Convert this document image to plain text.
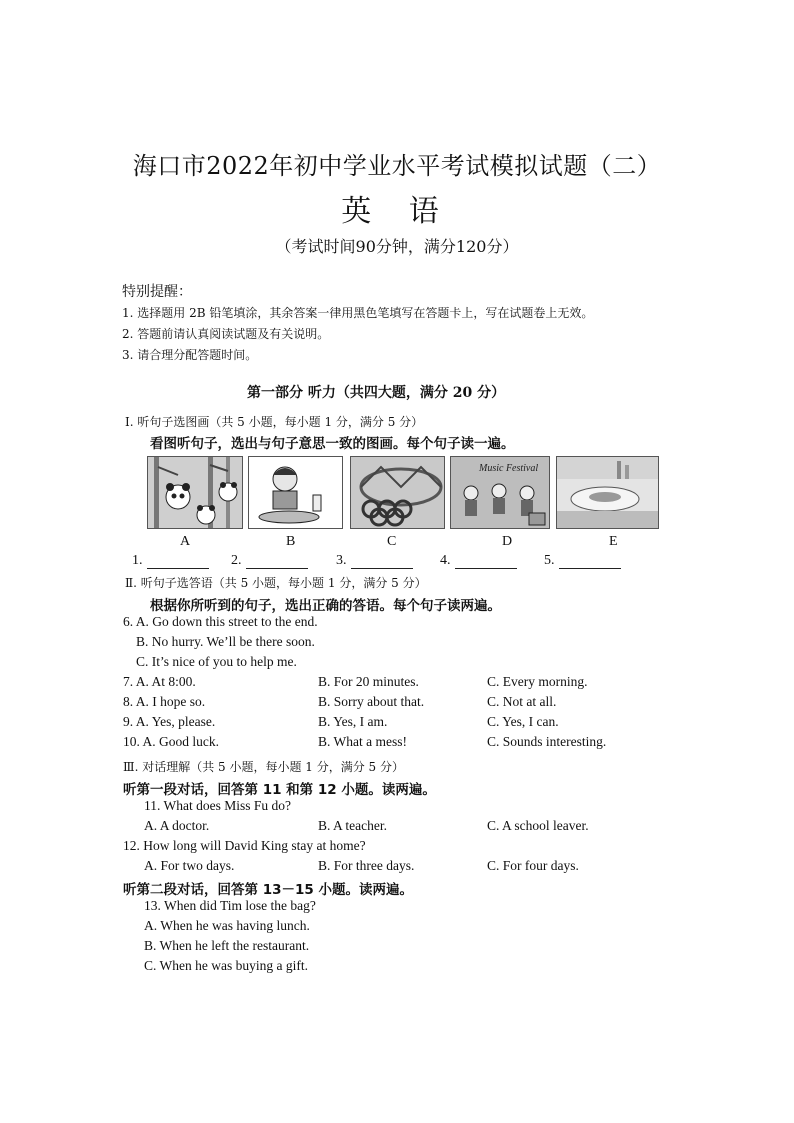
海口市2022年初中学业水平考试模拟试题（二）
英 语
（考试时间90分钟，满分120分）
特别提醒：
1. 选择题用 2B 铅笔填涂，其余答案一律用黑色笔填写在答题卡上，写在试题卷上无效。
2. 答题前请认真阅读试题及有关说明。
3. 请合理分配答题时间。
第一部分 听力（共四大题，满分 20 分）
Ⅰ. 听句子选图画（共 5 小题，每小题 1 分，满分 5 分）
看图听句子，选出与句子意思一致的图画。每个句子读一遍。
Music Festival
A	B	C	D	E
1.	2.	3.	4.	5.
Ⅱ. 听句子选答语（共 5 小题，每小题 1 分，满分 5 分）
根据你所听到的句子，选出正确的答语。每个句子读两遍。
6. A. Go down this street to the end.
B. No hurry. We’ll be there soon.
C. It’s nice of you to help me.
7. A. At 8:00.	B. For 20 minutes.	C. Every morning.
8. A. I hope so.	B. Sorry about that.	C. Not at all.
9. A. Yes, please.	B. Yes, I am.	C. Yes, I can.
10. A. Good luck.	B. What a mess!	C. Sounds interesting.
Ⅲ. 对话理解（共 5 小题，每小题 1 分，满分 5 分）
听第一段对话，回答第 11 和第 12 小题。读两遍。
11. What does Miss Fu do?
A. A doctor.	B. A teacher.	C. A school leaver.
12. How long will David King stay at home?
A. For two days.	B. For three days.	C. For four days.
听第二段对话，回答第 13－15 小题。读两遍。
13. When did Tim lose the bag?
A. When he was having lunch.
B. When he left the restaurant.
C. When he was buying a gift.
